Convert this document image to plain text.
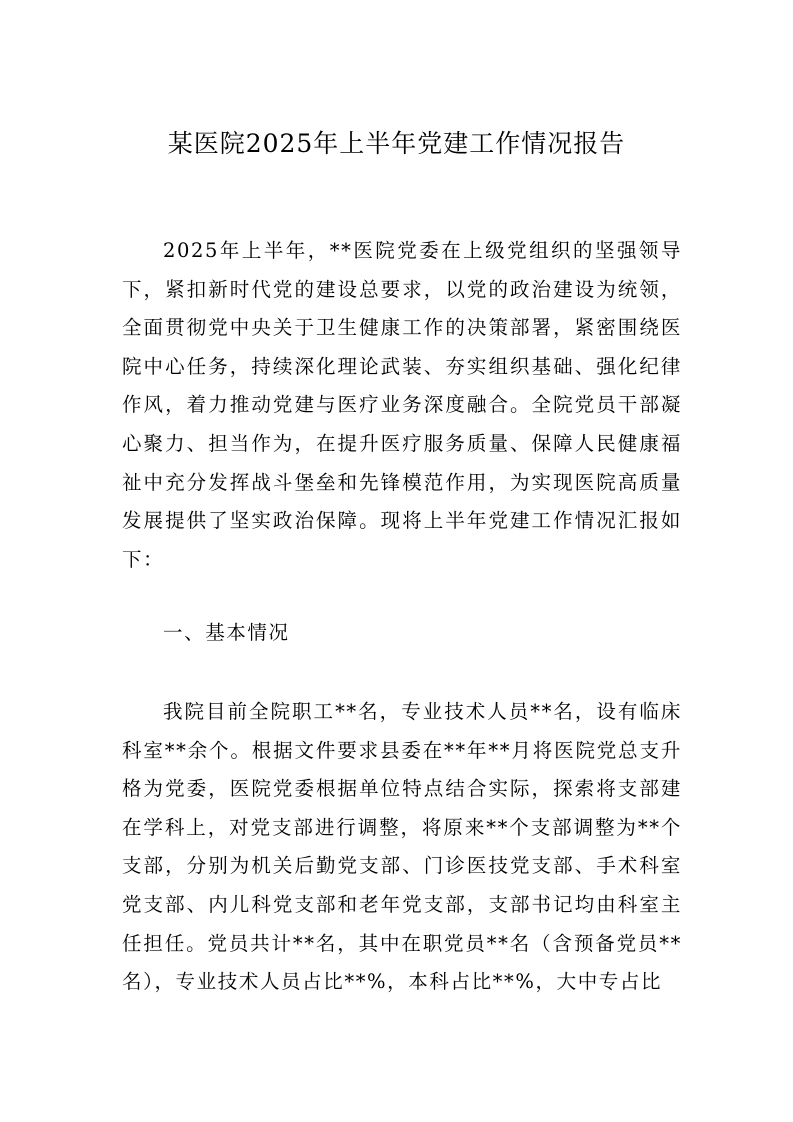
某医院2025年上半年党建工作情况报告

2025年上半年，**医院党委在上级党组织的坚强领导下，紧扣新时代党的建设总要求，以党的政治建设为统领，全面贯彻党中央关于卫生健康工作的决策部署，紧密围绕医院中心任务，持续深化理论武装、夯实组织基础、强化纪律作风，着力推动党建与医疗业务深度融合。全院党员干部凝心聚力、担当作为，在提升医疗服务质量、保障人民健康福祉中充分发挥战斗堡垒和先锋模范作用，为实现医院高质量发展提供了坚实政治保障。现将上半年党建工作情况汇报如下：

一、基本情况

我院目前全院职工**名，专业技术人员**名，设有临床科室**余个。根据文件要求县委在**年**月将医院党总支升格为党委，医院党委根据单位特点结合实际，探索将支部建在学科上，对党支部进行调整，将原来**个支部调整为**个支部，分别为机关后勤党支部、门诊医技党支部、手术科室党支部、内儿科党支部和老年党支部，支部书记均由科室主任担任。党员共计**名，其中在职党员**名（含预备党员**名），专业技术人员占比**%，本科占比**%，大中专占比
